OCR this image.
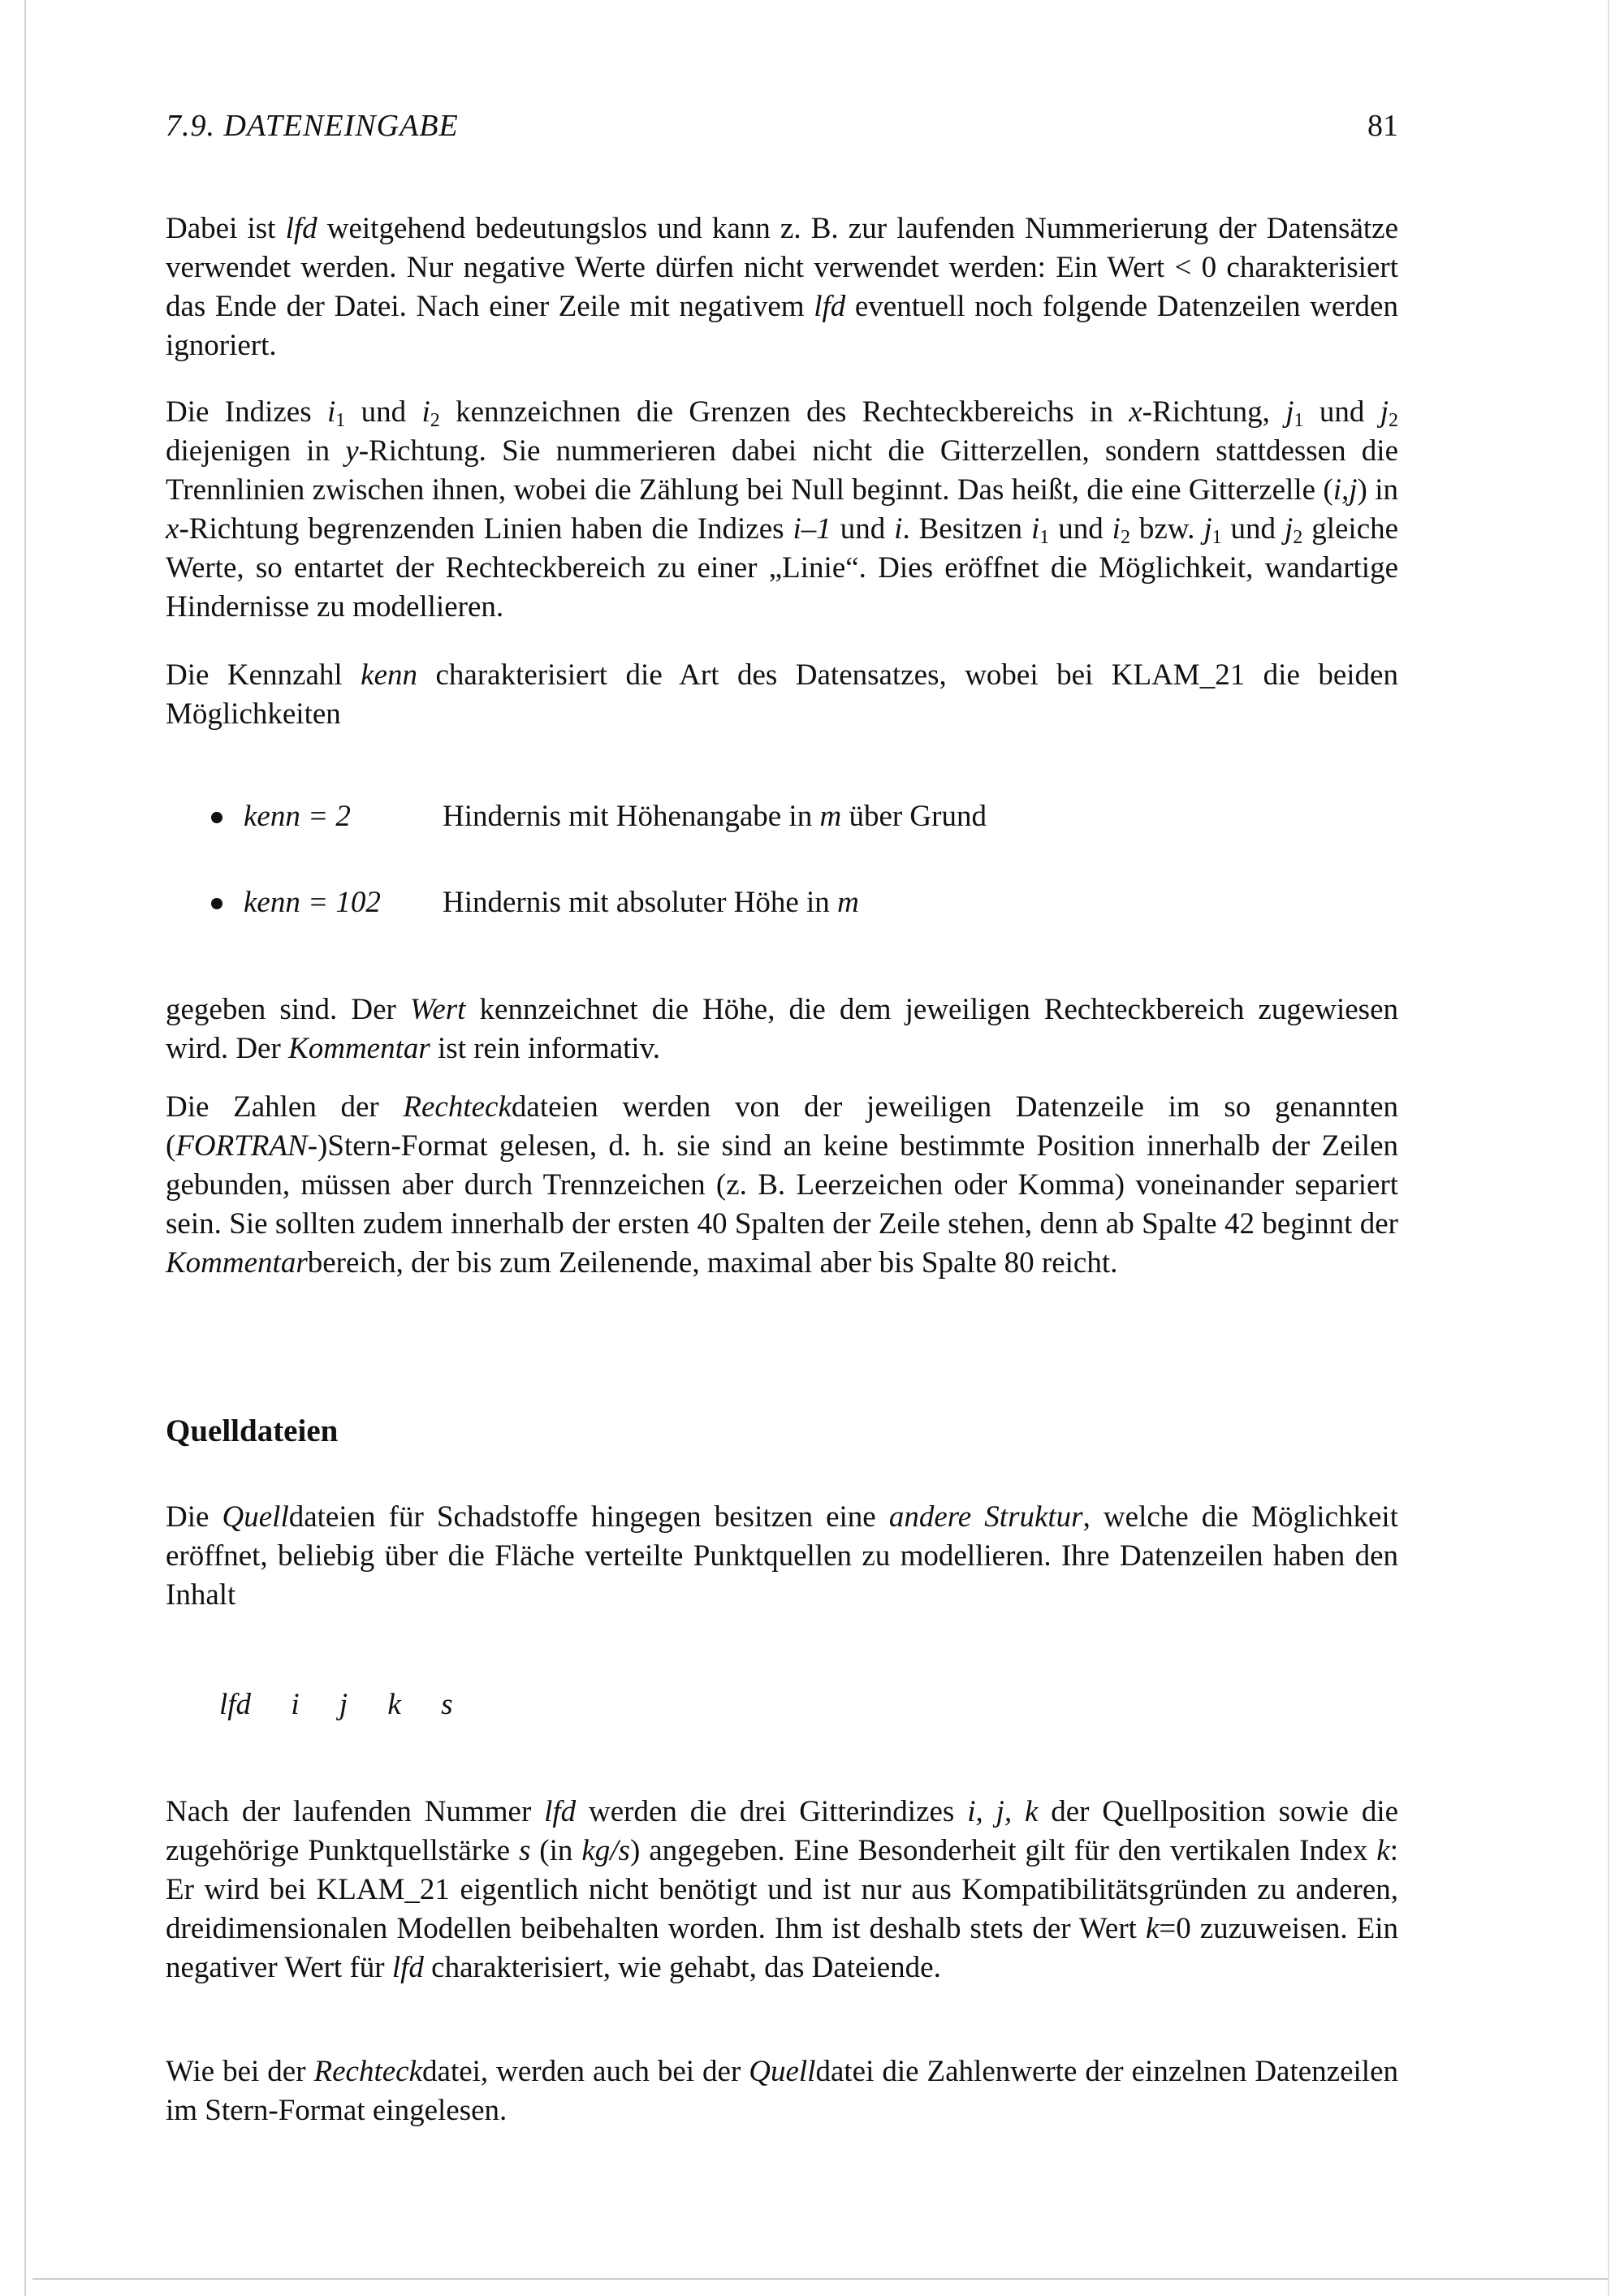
7.9. DATENEINGABE	81

Dabei ist lfd weitgehend bedeutungslos und kann z. B. zur laufenden Nummerierung der Datensätze verwendet werden. Nur negative Werte dürfen nicht verwendet werden: Ein Wert < 0 charakterisiert das Ende der Datei. Nach einer Zeile mit negativem lfd eventuell noch folgende Datenzeilen werden ignoriert.

Die Indizes $i_1$ und $i_2$ kennzeichnen die Grenzen des Rechteckbereichs in x-Richtung, $j_1$ und $j_2$ diejenigen in y-Richtung. Sie nummerieren dabei nicht die Gitterzellen, sondern stattdessen die Trennlinien zwischen ihnen, wobei die Zählung bei Null beginnt. Das heißt, die eine Gitterzelle (i,j) in x-Richtung begrenzenden Linien haben die Indizes i–1 und i. Besitzen $i_1$ und $i_2$ bzw. $j_1$ und $j_2$ gleiche Werte, so entartet der Rechteckbereich zu einer „Linie“. Dies eröffnet die Möglichkeit, wandartige Hindernisse zu modellieren.

Die Kennzahl kenn charakterisiert die Art des Datensatzes, wobei bei KLAM_21 die beiden Möglichkeiten

kenn = 2	Hindernis mit Höhenangabe in m über Grund
kenn = 102 Hindernis mit absoluter Höhe in m

gegeben sind. Der Wert kennzeichnet die Höhe, die dem jeweiligen Rechteckbereich zugewiesen wird. Der Kommentar ist rein informativ.

Die Zahlen der Rechteckdateien werden von der jeweiligen Datenzeile im so genannten (FORTRAN-)Stern-Format gelesen, d. h. sie sind an keine bestimmte Position innerhalb der Zeilen gebunden, müssen aber durch Trennzeichen (z. B. Leerzeichen oder Komma) voneinander separiert sein. Sie sollten zudem innerhalb der ersten 40 Spalten der Zeile stehen, denn ab Spalte 42 beginnt der Kommentarbereich, der bis zum Zeilenende, maximal aber bis Spalte 80 reicht.

Quelldateien

Die Quelldateien für Schadstoffe hingegen besitzen eine andere Struktur, welche die Möglichkeit eröffnet, beliebig über die Fläche verteilte Punktquellen zu modellieren. Ihre Datenzeilen haben den Inhalt

lfd i j k s

Nach der laufenden Nummer lfd werden die drei Gitterindizes i, j, k der Quellposition sowie die zugehörige Punktquellstärke s (in kg/s) angegeben. Eine Besonderheit gilt für den vertikalen Index k: Er wird bei KLAM_21 eigentlich nicht benötigt und ist nur aus Kompatibilitätsgründen zu anderen, dreidimensionalen Modellen beibehalten worden. Ihm ist deshalb stets der Wert k=0 zuzuweisen. Ein negativer Wert für lfd charakterisiert, wie gehabt, das Dateiende.

Wie bei der Rechteckdatei, werden auch bei der Quelldatei die Zahlenwerte der einzelnen Datenzeilen im Stern-Format eingelesen.
